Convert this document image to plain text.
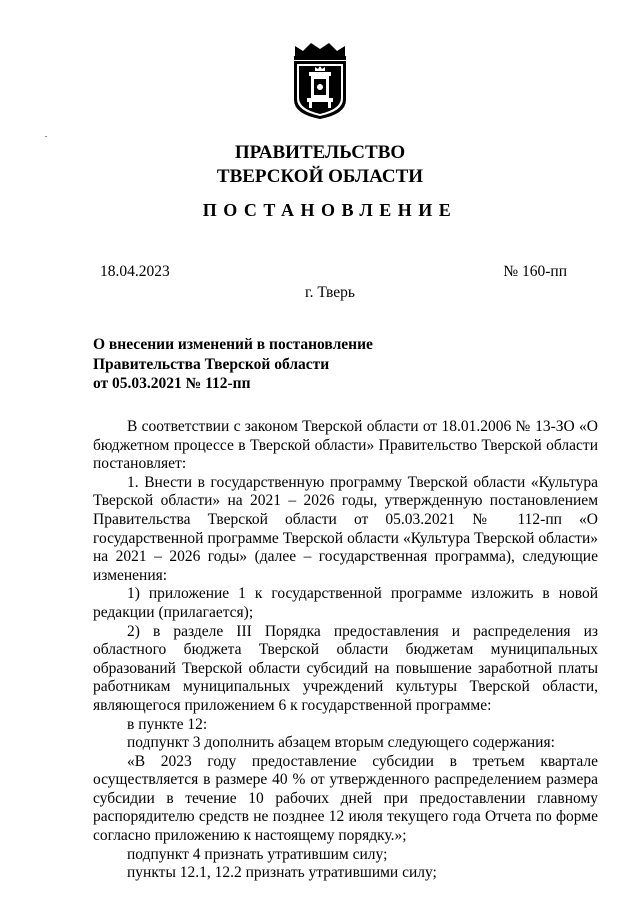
ПРАВИТЕЛЬСТВО
ТВЕРСКОЙ ОБЛАСТИ
ПОСТАНОВЛЕНИЕ
18.04.2023	№ 160-пп
г. Тверь
О внесении изменений в постановление
Правительства Тверской области
от 05.03.2021 № 112-пп

В соответствии с законом Тверской области от 18.01.2006 № 13-ЗО «О бюджетном процессе в Тверской области» Правительство Тверской области постановляет:

1. Внести в государственную программу Тверской области «Культура Тверской области» на 2021 – 2026 годы, утвержденную постановлением Правительства Тверской области от 05.03.2021 № 112-пп «О государственной программе Тверской области «Культура Тверской области» на 2021 – 2026 годы» (далее – государственная программа), следующие изменения:

1) приложение 1 к государственной программе изложить в новой редакции (прилагается);

2) в разделе III Порядка предоставления и распределения из областного бюджета Тверской области бюджетам муниципальных образований Тверской области субсидий на повышение заработной платы работникам муниципальных учреждений культуры Тверской области, являющегося приложением 6 к государственной программе:

в пункте 12:

подпункт 3 дополнить абзацем вторым следующего содержания:

«В 2023 году предоставление субсидии в третьем квартале осуществляется в размере 40 % от утвержденного распределением размера субсидии в течение 10 рабочих дней при предоставлении главному распорядителю средств не позднее 12 июля текущего года Отчета по форме согласно приложению к настоящему порядку.»;

подпункт 4 признать утратившим силу;

пункты 12.1, 12.2 признать утратившими силу;
